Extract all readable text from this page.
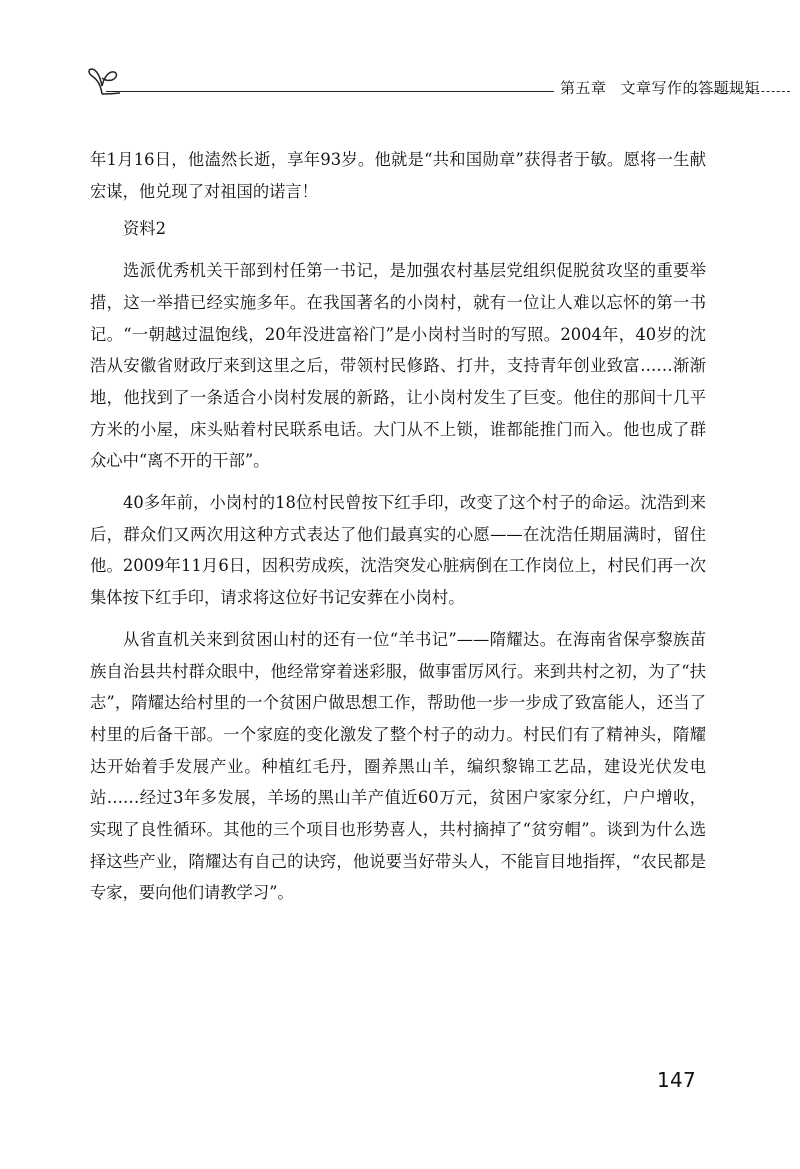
第五章 文章写作的答题规矩

年1月16日，他溘然长逝，享年93岁。他就是“共和国勋章”获得者于敏。愿将一生献宏谋，他兑现了对祖国的诺言！

资料2

选派优秀机关干部到村任第一书记，是加强农村基层党组织促脱贫攻坚的重要举措，这一举措已经实施多年。在我国著名的小岗村，就有一位让人难以忘怀的第一书记。“一朝越过温饱线，20年没进富裕门”是小岗村当时的写照。2004年，40岁的沈浩从安徽省财政厅来到这里之后，带领村民修路、打井，支持青年创业致富……渐渐地，他找到了一条适合小岗村发展的新路，让小岗村发生了巨变。他住的那间十几平方米的小屋，床头贴着村民联系电话。大门从不上锁，谁都能推门而入。他也成了群众心中“离不开的干部”。

40多年前，小岗村的18位村民曾按下红手印，改变了这个村子的命运。沈浩到来后，群众们又两次用这种方式表达了他们最真实的心愿——在沈浩任期届满时，留住他。2009年11月6日，因积劳成疾，沈浩突发心脏病倒在工作岗位上，村民们再一次集体按下红手印，请求将这位好书记安葬在小岗村。

从省直机关来到贫困山村的还有一位“羊书记”——隋耀达。在海南省保亭黎族苗族自治县共村群众眼中，他经常穿着迷彩服，做事雷厉风行。来到共村之初，为了“扶志”，隋耀达给村里的一个贫困户做思想工作，帮助他一步一步成了致富能人，还当了村里的后备干部。一个家庭的变化激发了整个村子的动力。村民们有了精神头，隋耀达开始着手发展产业。种植红毛丹，圈养黑山羊，编织黎锦工艺品，建设光伏发电站……经过3年多发展，羊场的黑山羊产值近60万元，贫困户家家分红，户户增收，实现了良性循环。其他的三个项目也形势喜人，共村摘掉了“贫穷帽”。谈到为什么选择这些产业，隋耀达有自己的诀窍，他说要当好带头人，不能盲目地指挥，“农民都是专家，要向他们请教学习”。

147
